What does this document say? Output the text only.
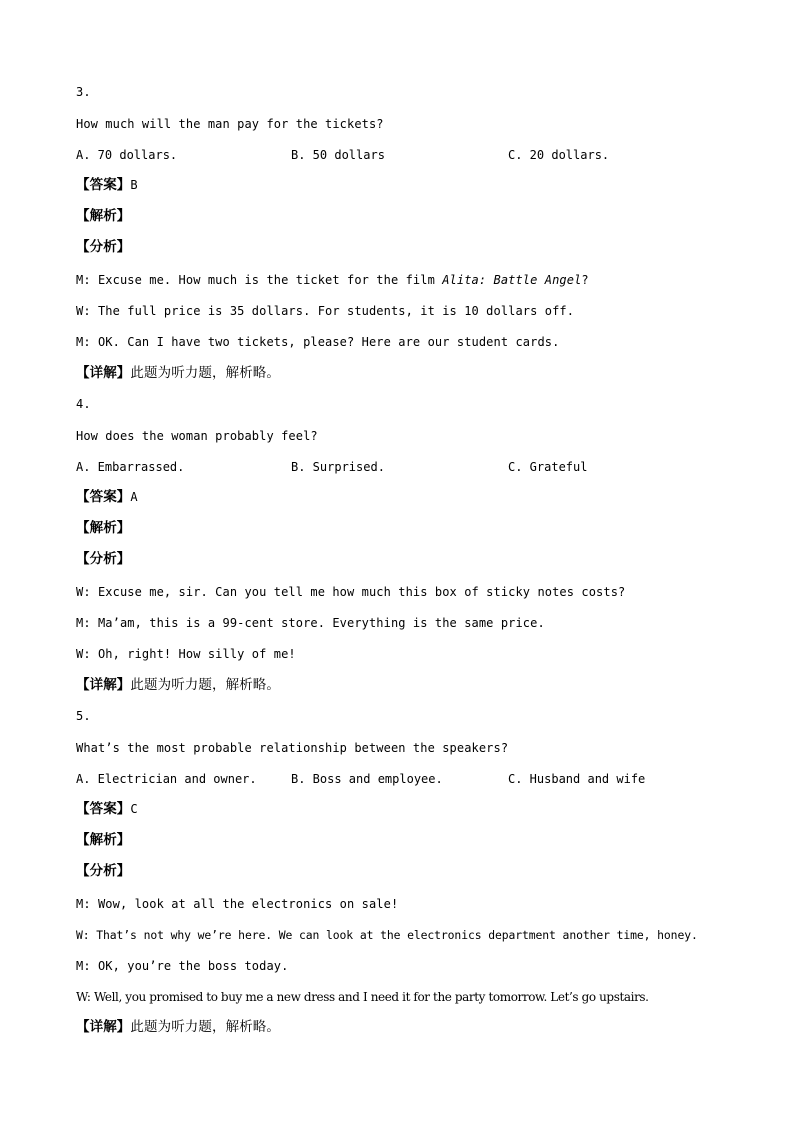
3.
How much will the man pay for the tickets?
A. 70 dollars.	B. 50 dollars	C. 20 dollars.
【答案】B
【解析】
【分析】
M: Excuse me. How much is the ticket for the film Alita: Battle Angel?
W: The full price is 35 dollars. For students, it is 10 dollars off.
M: OK. Can I have two tickets, please? Here are our student cards.
【详解】此题为听力题，解析略。
4.
How does the woman probably feel?
A. Embarrassed.	B. Surprised.	C. Grateful
【答案】A
【解析】
【分析】
W: Excuse me, sir. Can you tell me how much this box of sticky notes costs?
M: Ma’am, this is a 99-cent store. Everything is the same price.
W: Oh, right! How silly of me!
【详解】此题为听力题，解析略。
5.
What’s the most probable relationship between the speakers?
A. Electrician and owner.	B. Boss and employee.	C. Husband and wife
【答案】C
【解析】
【分析】
M: Wow, look at all the electronics on sale!
W: That’s not why we’re here. We can look at the electronics department another time, honey.
M: OK, you’re the boss today.
W: Well, you promised to buy me a new dress and I need it for the party tomorrow. Let’s go upstairs.
【详解】此题为听力题，解析略。
